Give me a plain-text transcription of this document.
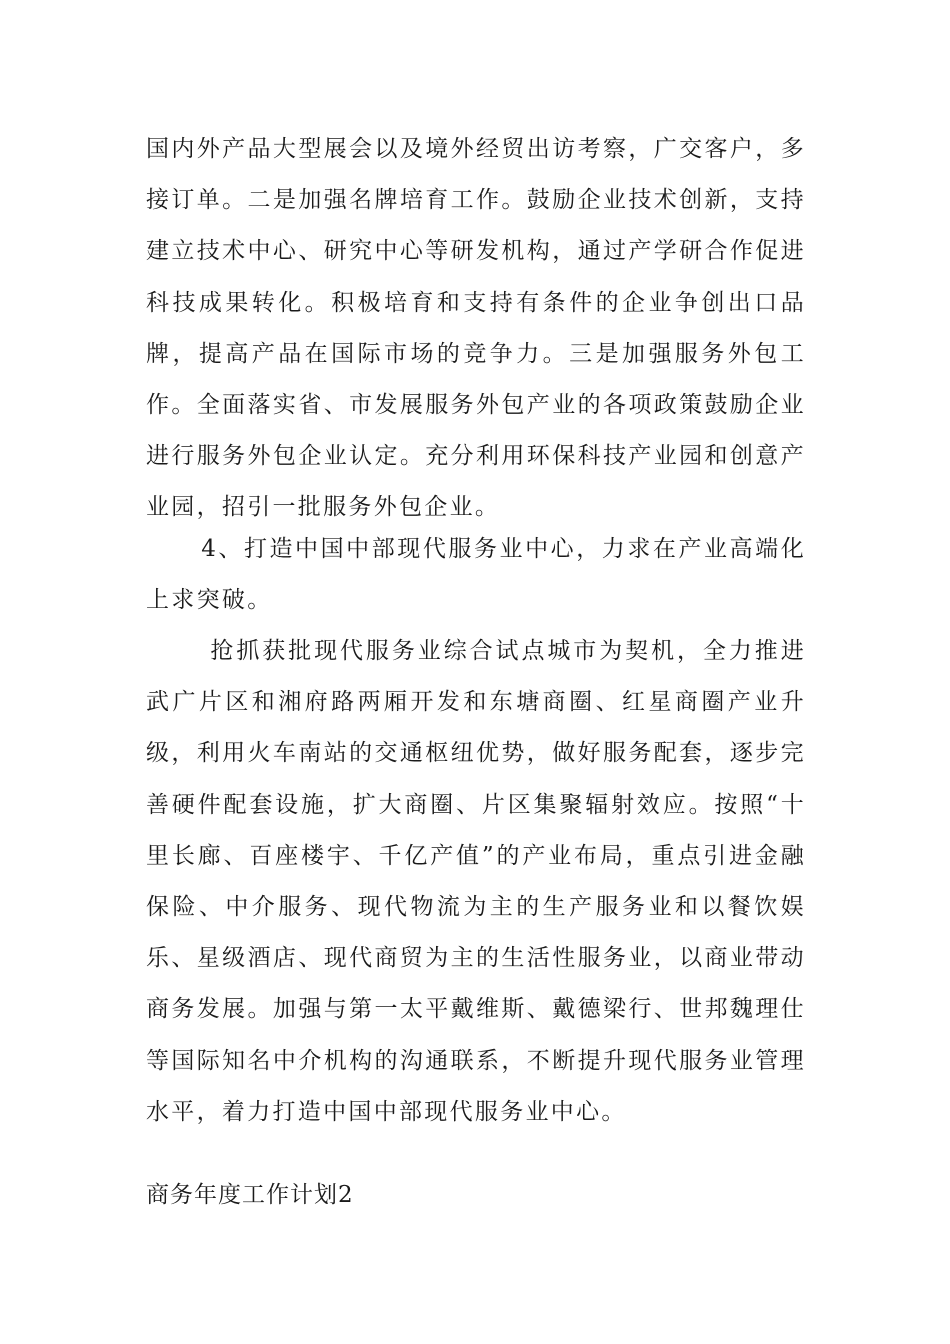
国内外产品大型展会以及境外经贸出访考察，广交客户，多接订单。二是加强名牌培育工作。鼓励企业技术创新，支持建立技术中心、研究中心等研发机构，通过产学研合作促进科技成果转化。积极培育和支持有条件的企业争创出口品牌，提高产品在国际市场的竞争力。三是加强服务外包工作。全面落实省、市发展服务外包产业的各项政策鼓励企业进行服务外包企业认定。充分利用环保科技产业园和创意产业园，招引一批服务外包企业。

4、打造中国中部现代服务业中心，力求在产业高端化上求突破。

抢抓获批现代服务业综合试点城市为契机，全力推进武广片区和湘府路两厢开发和东塘商圈、红星商圈产业升级，利用火车南站的交通枢纽优势，做好服务配套，逐步完善硬件配套设施，扩大商圈、片区集聚辐射效应。按照“十里长廊、百座楼宇、千亿产值”的产业布局，重点引进金融保险、中介服务、现代物流为主的生产服务业和以餐饮娱乐、星级酒店、现代商贸为主的生活性服务业，以商业带动商务发展。加强与第一太平戴维斯、戴德梁行、世邦魏理仕等国际知名中介机构的沟通联系，不断提升现代服务业管理水平，着力打造中国中部现代服务业中心。

商务年度工作计划2
